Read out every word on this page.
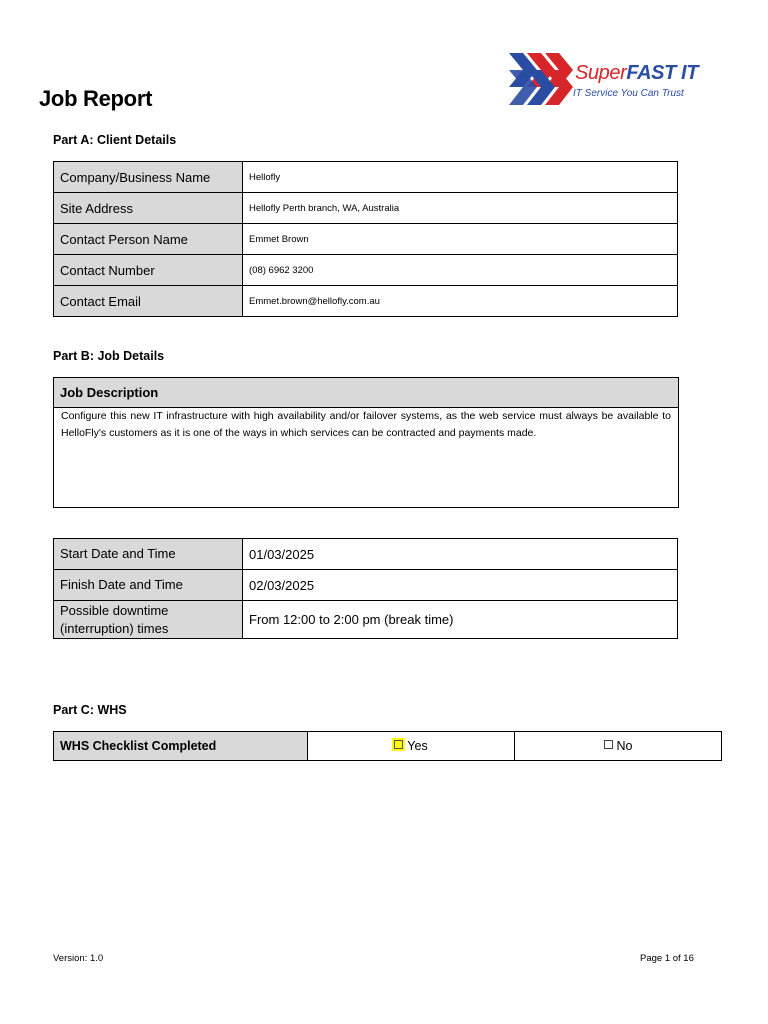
SuperFAST IT
IT Service You Can Trust
Job Report
Part A: Client Details
Company/Business Name	Hellofly
Site Address	Hellofly Perth branch, WA, Australia
Contact Person Name	Emmet Brown
Contact Number	(08) 6962 3200
Contact Email	Emmet.brown@hellofly.com.au
Part B: Job Details
Job Description
Configure this new IT infrastructure with high availability and/or failover systems, as the web service must always be available to HelloFly's customers as it is one of the ways in which services can be contracted and payments made.
Start Date and Time	01/03/2025
Finish Date and Time	02/03/2025
Possible downtime (interruption) times	From 12:00 to 2:00 pm (break time)
Part C: WHS
WHS Checklist Completed	Yes	No
Version: 1.0	Page 1 of 16
